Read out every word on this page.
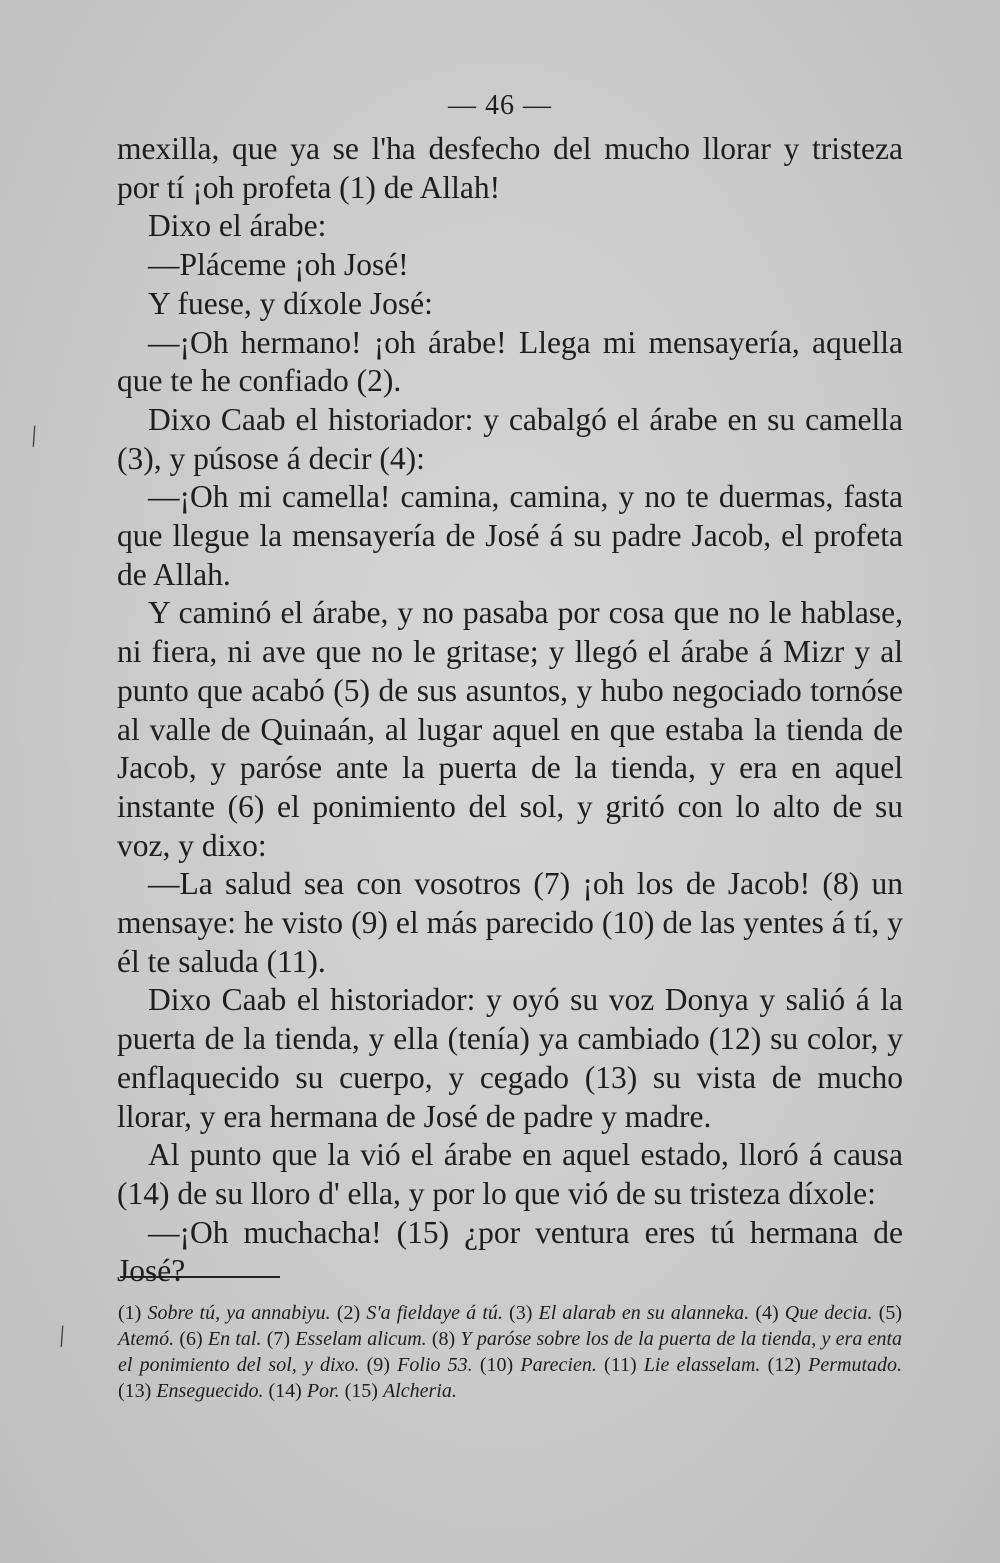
— 46 —

mexilla, que ya se l'ha desfecho del mucho llorar y tristeza por tí ¡oh profeta (1) de Allah!

Dixo el árabe:

—Pláceme ¡oh José!

Y fuese, y díxole José:

—¡Oh hermano! ¡oh árabe! Llega mi mensayería, aquella que te he confiado (2).

Dixo Caab el historiador: y cabalgó el árabe en su camella (3), y púsose á decir (4):

—¡Oh mi camella! camina, camina, y no te duermas, fasta que llegue la mensayería de José á su padre Jacob, el profeta de Allah.

Y caminó el árabe, y no pasaba por cosa que no le hablase, ni fiera, ni ave que no le gritase; y llegó el árabe á Mizr y al punto que acabó (5) de sus asuntos, y hubo negociado tornóse al valle de Quinaán, al lugar aquel en que estaba la tienda de Jacob, y paróse ante la puerta de la tienda, y era en aquel instante (6) el ponimiento del sol, y gritó con lo alto de su voz, y dixo:

—La salud sea con vosotros (7) ¡oh los de Jacob! (8) un mensaye: he visto (9) el más parecido (10) de las yentes á tí, y él te saluda (11).

Dixo Caab el historiador: y oyó su voz Donya y salió á la puerta de la tienda, y ella (tenía) ya cambiado (12) su color, y enflaquecido su cuerpo, y cegado (13) su vista de mucho llorar, y era hermana de José de padre y madre.

Al punto que la vió el árabe en aquel estado, lloró á causa (14) de su lloro d' ella, y por lo que vió de su tristeza díxole:

—¡Oh muchacha! (15) ¿por ventura eres tú hermana de José?

(1) Sobre tú, ya annabiyu. (2) S'a fieldaye á tú. (3) El alarab en su alanneka. (4) Que decia. (5) Atemó. (6) En tal. (7) Esselam alicum. (8) Y paróse sobre los de la puerta de la tienda, y era enta el ponimiento del sol, y dixo. (9) Folio 53. (10) Parecien. (11) Lie elasselam. (12) Permutado. (13) Enseguecido. (14) Por. (15) Alcheria.
/
/
